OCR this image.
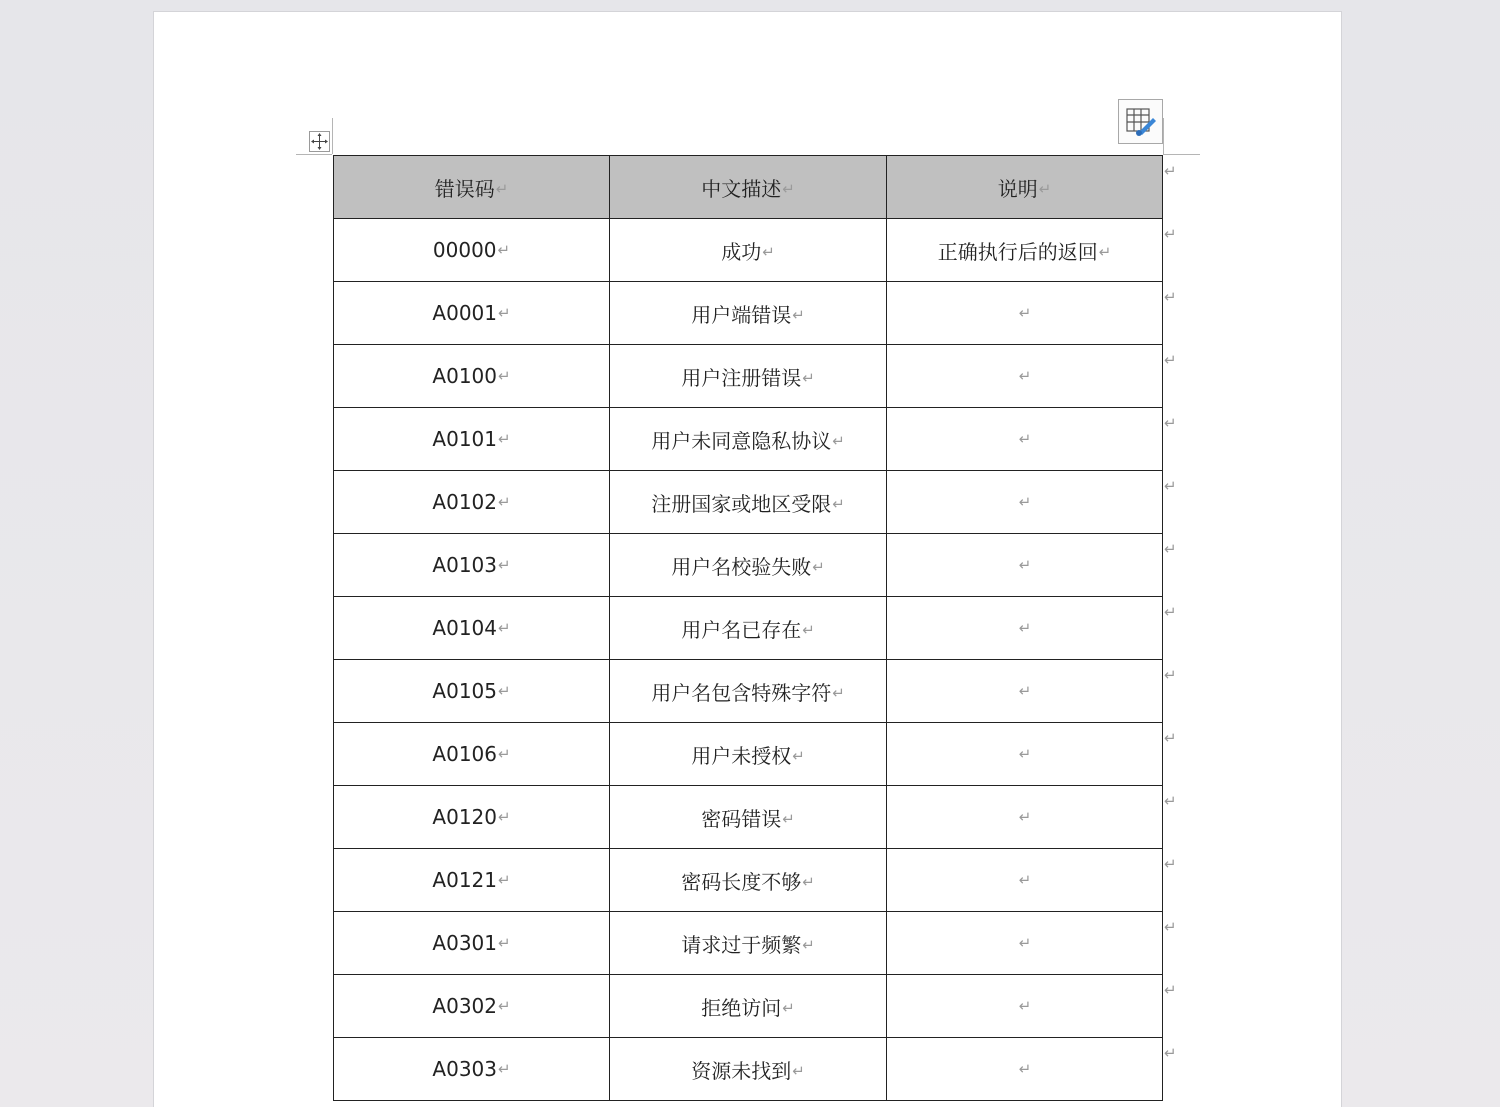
错误码↵	中文描述↵	说明↵
00000↵	成功↵	正确执行后的返回↵
A0001↵	用户端错误↵	↵
A0100↵	用户注册错误↵	↵
A0101↵	用户未同意隐私协议↵	↵
A0102↵	注册国家或地区受限↵	↵
A0103↵	用户名校验失败↵	↵
A0104↵	用户名已存在↵	↵
A0105↵	用户名包含特殊字符↵	↵
A0106↵	用户未授权↵	↵
A0120↵	密码错误↵	↵
A0121↵	密码长度不够↵	↵
A0301↵	请求过于频繁↵	↵
A0302↵	拒绝访问↵	↵
A0303↵	资源未找到↵	↵
↵
↵
↵
↵
↵
↵
↵
↵
↵
↵
↵
↵
↵
↵
↵
